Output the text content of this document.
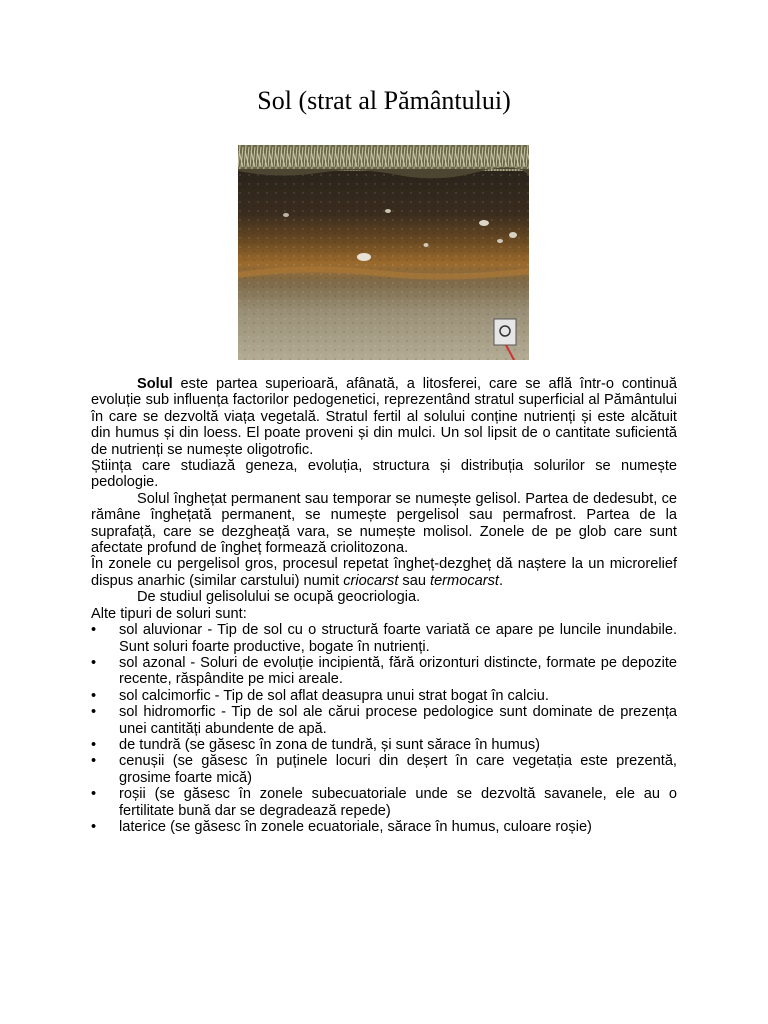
Sol (strat al Pământului)

Solul este partea superioară, afânată, a litosferei, care se află într-o continuă evoluție sub influența factorilor pedogenetici, reprezentând stratul superficial al Pământului în care se dezvoltă viața vegetală. Stratul fertil al solului conține nutrienți și este alcătuit din humus și din loess. El poate proveni și din mulci. Un sol lipsit de o cantitate suficientă de nutrienți se numește oligotrofic.

Știința care studiază geneza, evoluția, structura și distribuția solurilor se numește pedologie.

Solul înghețat permanent sau temporar se numește gelisol. Partea de dedesubt, ce rămâne înghețată permanent, se numește pergelisol sau permafrost. Partea de la suprafață, care se dezgheață vara, se numește molisol. Zonele de pe glob care sunt afectate profund de îngheț formează criolitozona.

În zonele cu pergelisol gros, procesul repetat îngheț-dezgheț dă naștere la un microrelief dispus anarhic (similar carstului) numit criocarst sau termocarst.

De studiul gelisolului se ocupă geocriologia.

Alte tipuri de soluri sunt:

• sol aluvionar - Tip de sol cu o structură foarte variată ce apare pe luncile inundabile. Sunt soluri foarte productive, bogate în nutrienți.
• sol azonal - Soluri de evoluție incipientă, fără orizonturi distincte, formate pe depozite recente, răspândite pe mici areale.
• sol calcimorfic - Tip de sol aflat deasupra unui strat bogat în calciu.
• sol hidromorfic - Tip de sol ale cărui procese pedologice sunt dominate de prezența unei cantități abundente de apă.
• de tundră (se găsesc în zona de tundră, și sunt sărace în humus)
• cenușii (se găsesc în puținele locuri din deșert în care vegetația este prezentă, grosime foarte mică)
• roșii (se găsesc în zonele subecuatoriale unde se dezvoltă savanele, ele au o fertilitate bună dar se degradează repede)
• laterice (se găsesc în zonele ecuatoriale, sărace în humus, culoare roșie)
